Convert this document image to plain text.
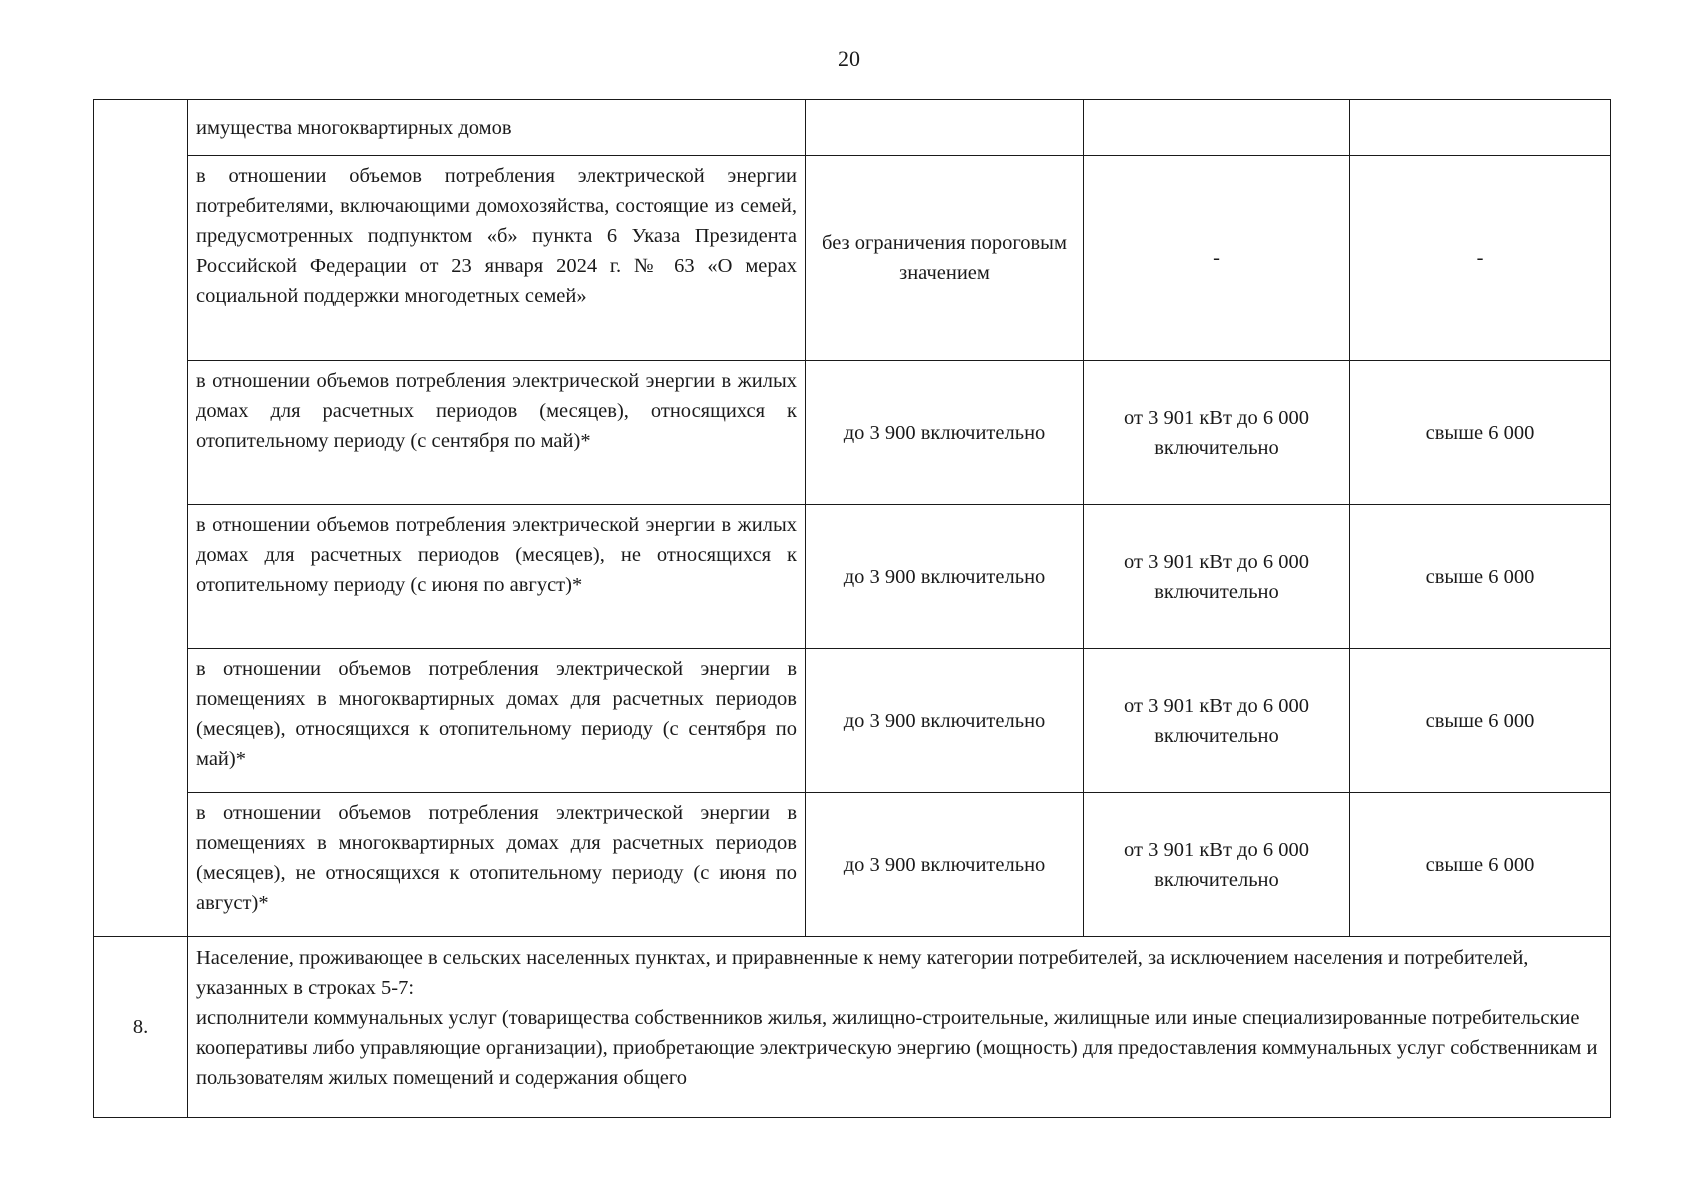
20

	имущества многоквартирных домов			

	в отношении объемов потребления электрической энергии потребителями, включающими домохозяйства, состоящие из семей, предусмотренных подпунктом «б» пункта 6 Указа Президента Российской Федерации от 23 января 2024 г. № 63 «О мерах социальной поддержки многодетных семей»	без ограничения пороговым значением	-	-

	в отношении объемов потребления электрической энергии в жилых домах для расчетных периодов (месяцев), относящихся к отопительному периоду (с сентября по май)*	до 3 900 включительно	от 3 901 кВт до 6 000 включительно	свыше 6 000

	в отношении объемов потребления электрической энергии в жилых домах для расчетных периодов (месяцев), не относящихся к отопительному периоду (с июня по август)*	до 3 900 включительно	от 3 901 кВт до 6 000 включительно	свыше 6 000

	в отношении объемов потребления электрической энергии в помещениях в многоквартирных домах для расчетных периодов (месяцев), относящихся к отопительному периоду (с сентября по май)*	до 3 900 включительно	от 3 901 кВт до 6 000 включительно	свыше 6 000

	в отношении объемов потребления электрической энергии в помещениях в многоквартирных домах для расчетных периодов (месяцев), не относящихся к отопительному периоду (с июня по август)*	до 3 900 включительно	от 3 901 кВт до 6 000 включительно	свыше 6 000
8.	Население, проживающее в сельских населенных пунктах, и приравненные к нему категории потребителей, за исключением населения и потребителей, указанных в строках 5-7:
исполнители коммунальных услуг (товарищества собственников жилья, жилищно-строительные, жилищные или иные специализированные потребительские кооперативы либо управляющие организации), приобретающие электрическую энергию (мощность) для предоставления коммунальных услуг собственникам и пользователям жилых помещений и содержания общего			
